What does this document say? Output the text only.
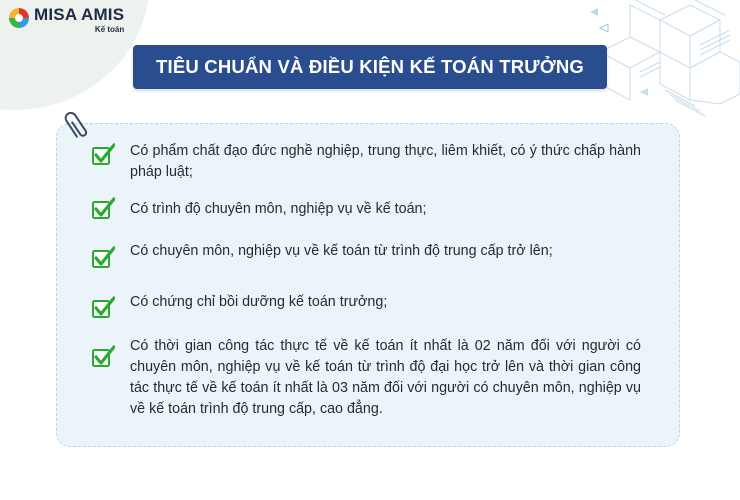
MISA AMIS
Kế toán
TIÊU CHUẨN VÀ ĐIỀU KIỆN KẾ TOÁN TRƯỞNG

Có phẩm chất đạo đức nghề nghiệp, trung thực, liêm khiết, có ý thức chấp hành pháp luật;

Có trình độ chuyên môn, nghiệp vụ về kế toán;

Có chuyên môn, nghiệp vụ về kế toán từ trình độ trung cấp trở lên;

Có chứng chỉ bồi dưỡng kế toán trưởng;

Có thời gian công tác thực tế về kế toán ít nhất là 02 năm đối với người có chuyên môn, nghiệp vụ về kế toán từ trình độ đại học trở lên và thời gian công tác thực tế về kế toán ít nhất là 03 năm đối với người có chuyên môn, nghiệp vụ về kế toán trình độ trung cấp, cao đẳng.
